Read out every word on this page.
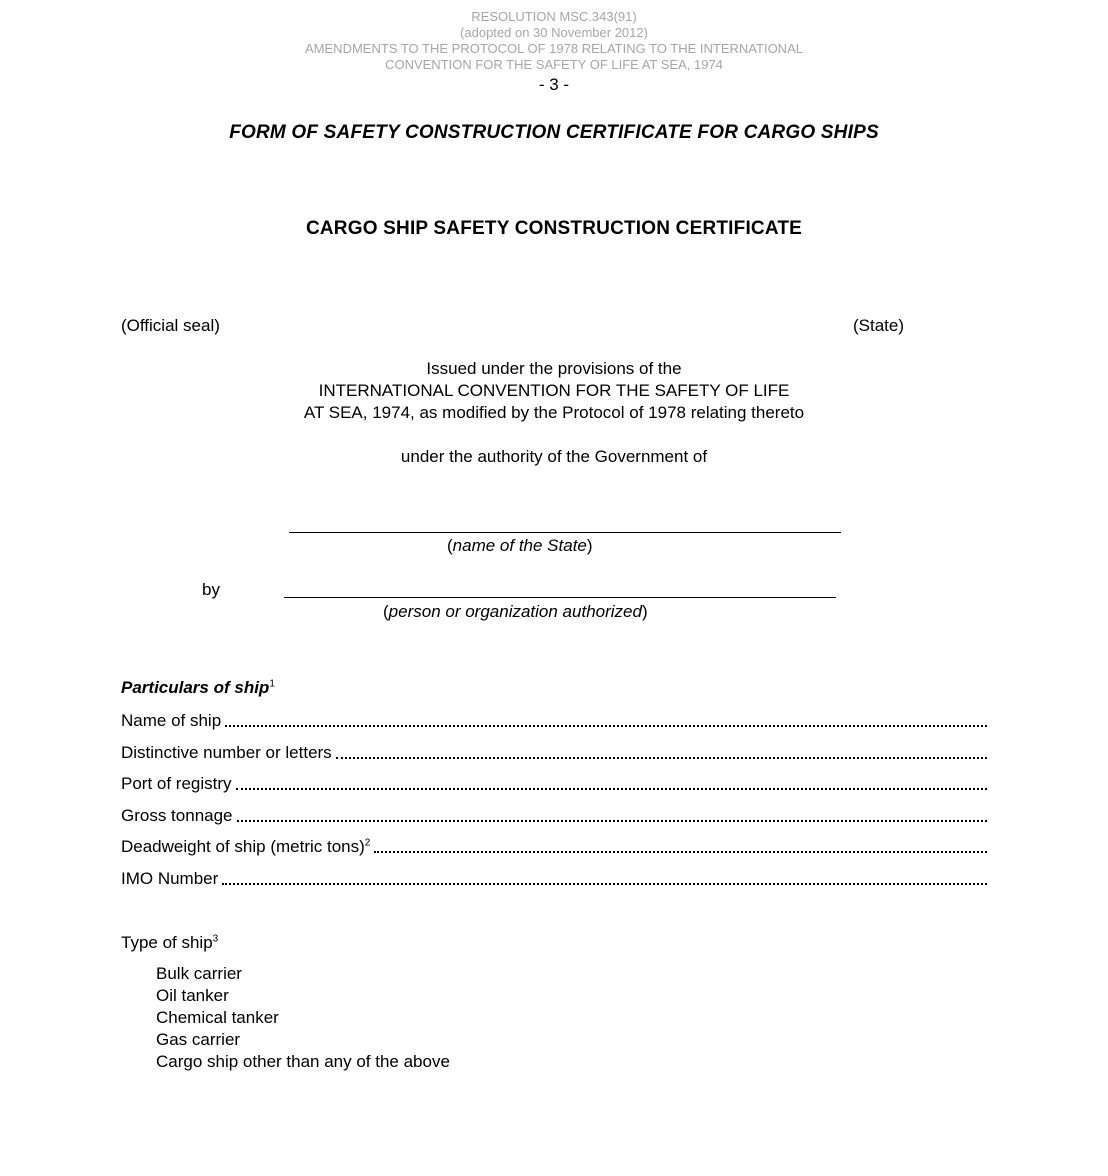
RESOLUTION MSC.343(91)
(adopted on 30 November 2012)
AMENDMENTS TO THE PROTOCOL OF 1978 RELATING TO THE INTERNATIONAL
CONVENTION FOR THE SAFETY OF LIFE AT SEA, 1974
- 3 -
FORM OF SAFETY CONSTRUCTION CERTIFICATE FOR CARGO SHIPS
CARGO SHIP SAFETY CONSTRUCTION CERTIFICATE
(Official seal)	(State)
Issued under the provisions of the
INTERNATIONAL CONVENTION FOR THE SAFETY OF LIFE
AT SEA, 1974, as modified by the Protocol of 1978 relating thereto
under the authority of the Government of
(name of the State)
by
(person or organization authorized)
Particulars of ship$^1$
Name of ship
Distinctive number or letters
Port of registry
Gross tonnage
Deadweight of ship (metric tons)$^2$
IMO Number
Type of ship$^3$
Bulk carrier
Oil tanker
Chemical tanker
Gas carrier
Cargo ship other than any of the above
